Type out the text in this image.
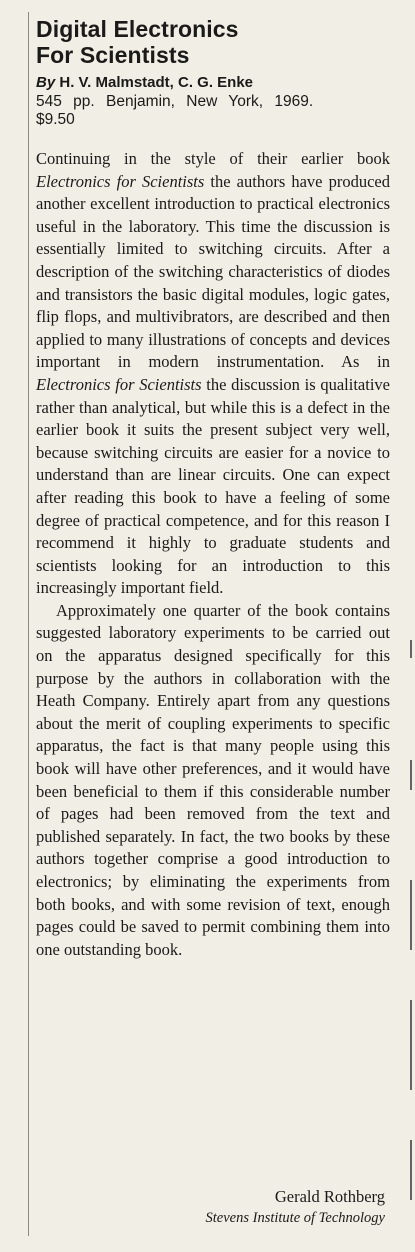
Digital Electronics
For Scientists
By H. V. Malmstadt, C. G. Enke
545 pp. Benjamin, New York, 1969.
$9.50

Continuing in the style of their earlier book Electronics for Scientists the authors have produced another excellent introduction to practical electronics useful in the laboratory. This time the discussion is essentially limited to switching circuits. After a description of the switching characteristics of diodes and transistors the basic digital modules, logic gates, flip flops, and multivibrators, are described and then applied to many illustrations of concepts and devices important in modern instrumentation. As in Electronics for Scientists the discussion is qualitative rather than analytical, but while this is a defect in the earlier book it suits the present subject very well, because switching circuits are easier for a novice to understand than are linear circuits. One can expect after reading this book to have a feeling of some degree of practical competence, and for this reason I recommend it highly to graduate students and scientists looking for an introduction to this increasingly important field.

Approximately one quarter of the book contains suggested laboratory experiments to be carried out on the apparatus designed specifically for this purpose by the authors in collaboration with the Heath Company. Entirely apart from any questions about the merit of coupling experiments to specific apparatus, the fact is that many people using this book will have other preferences, and it would have been beneficial to them if this considerable number of pages had been removed from the text and published separately. In fact, the two books by these authors together comprise a good introduction to electronics; by eliminating the experiments from both books, and with some revision of text, enough pages could be saved to permit combining them into one outstanding book.

Gerald Rothberg
Stevens Institute of Technology
